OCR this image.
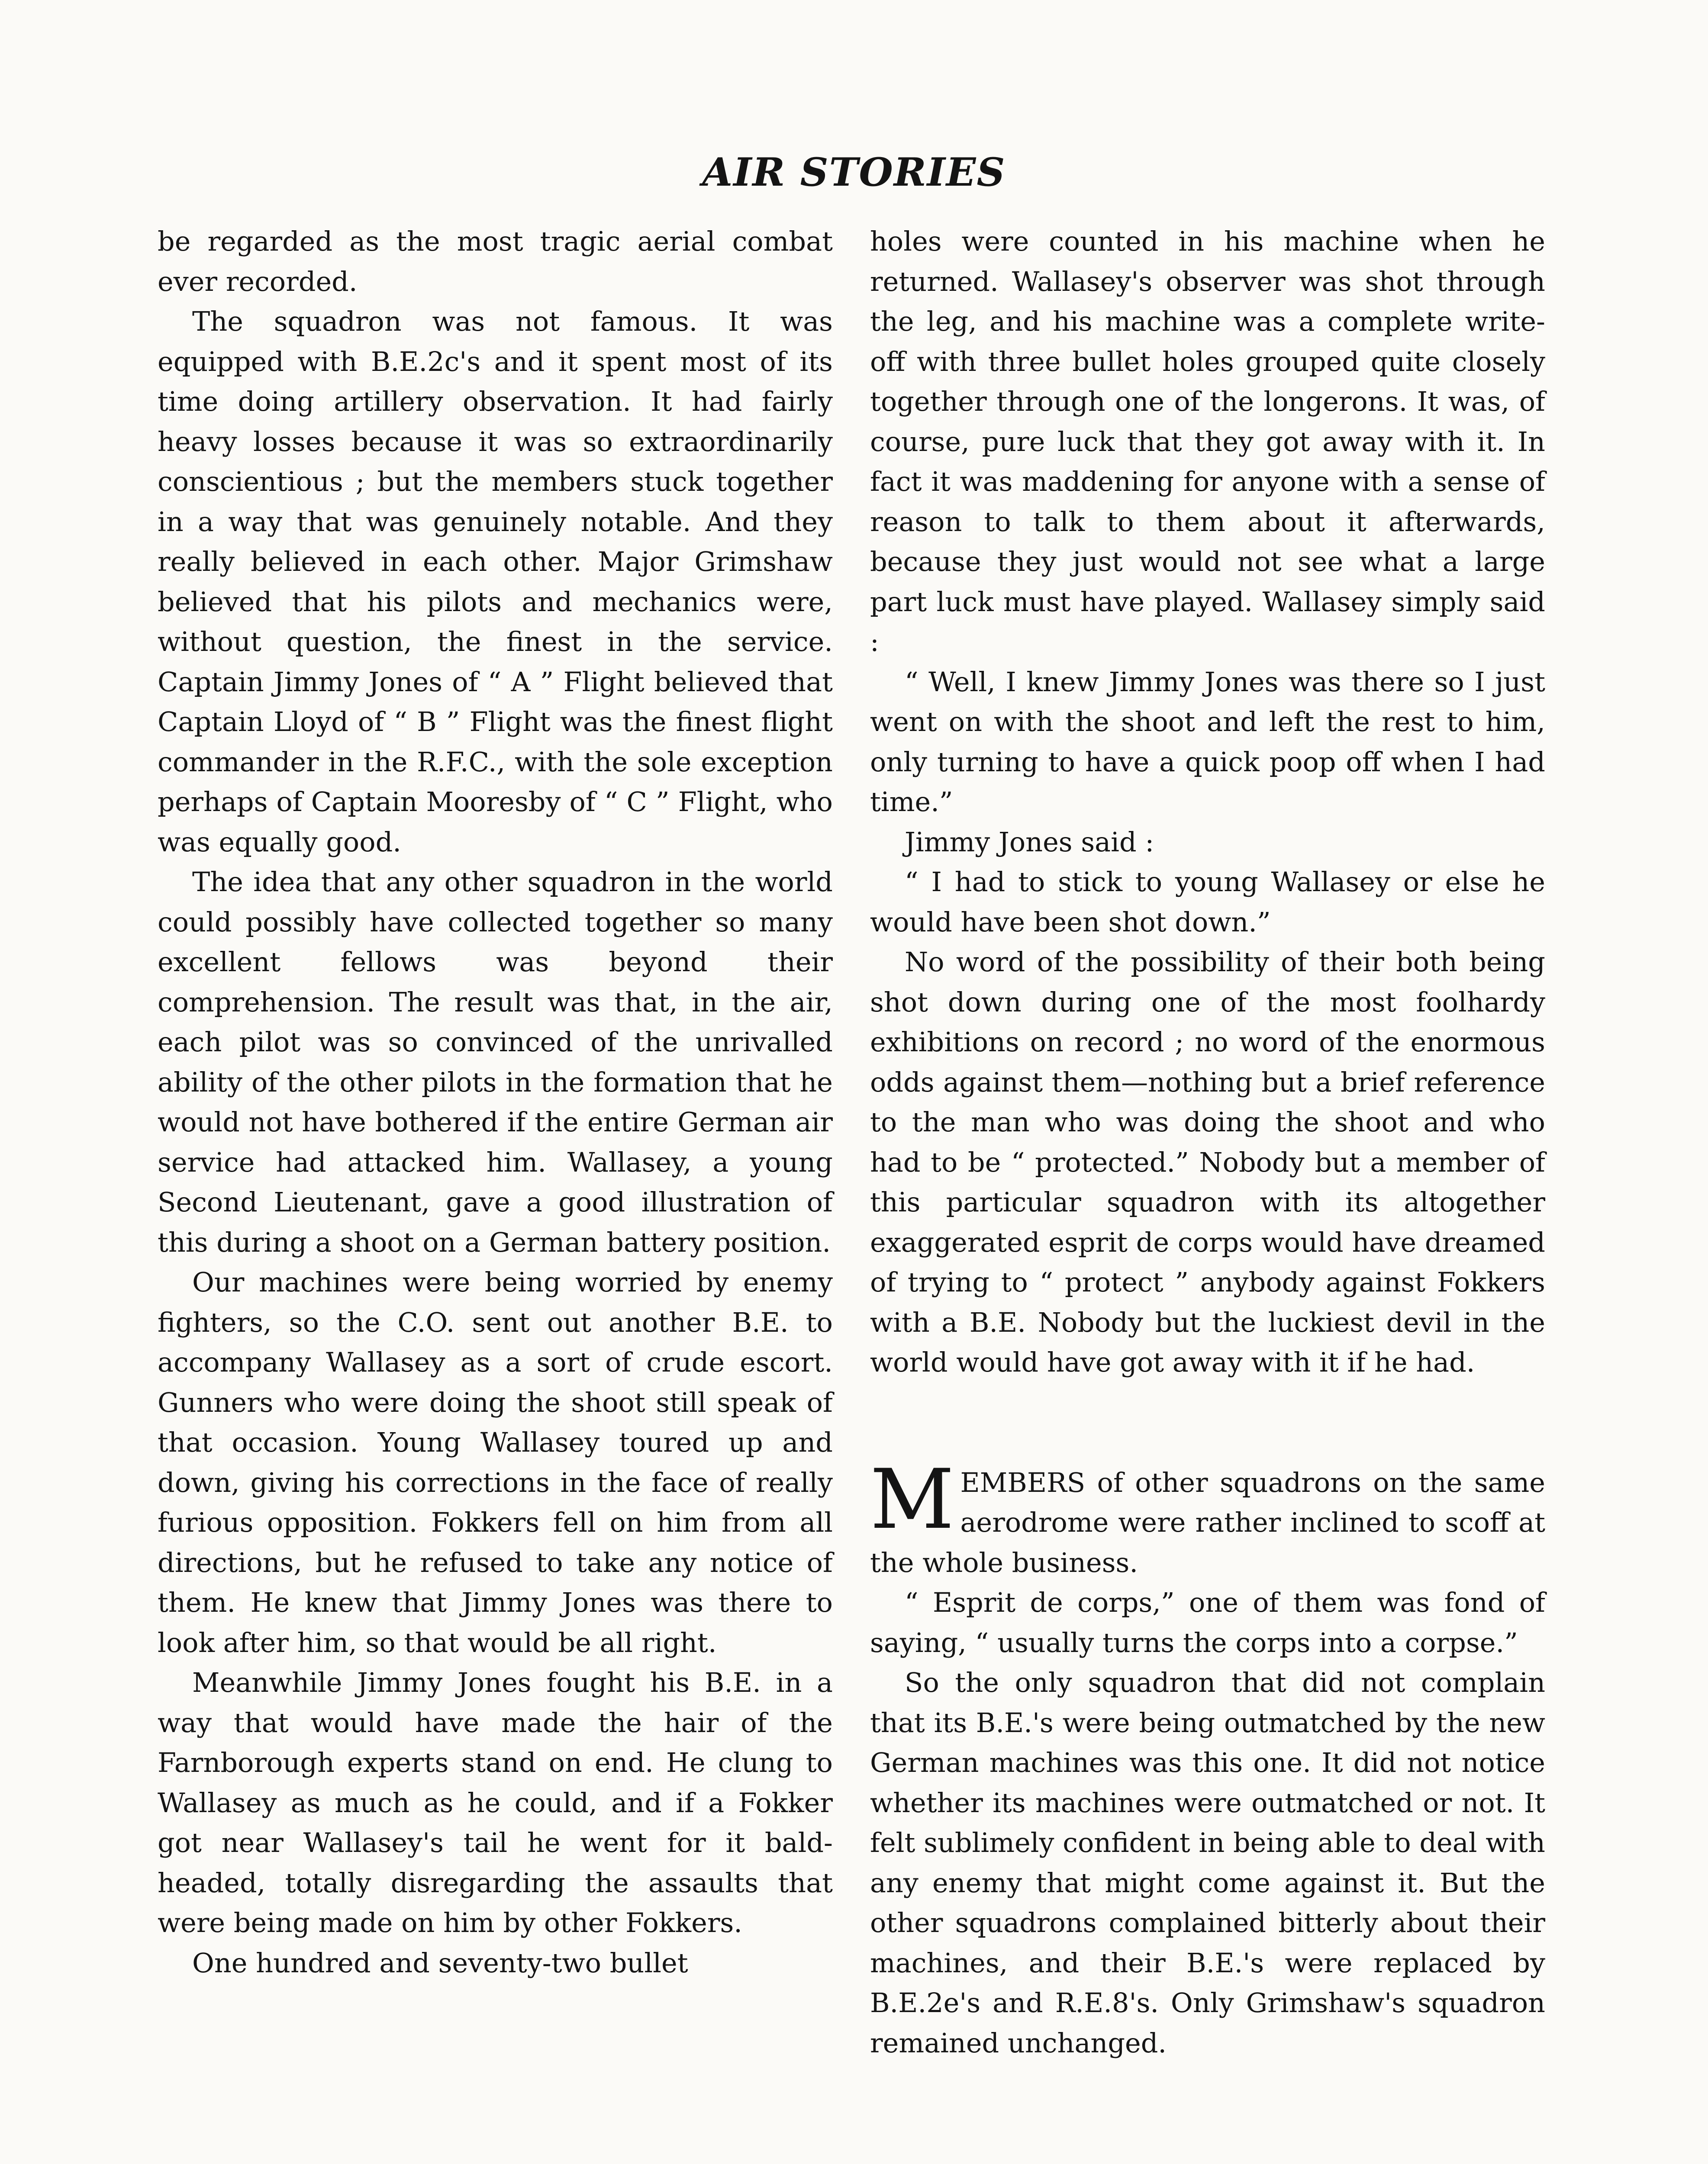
AIR STORIES

be regarded as the most tragic aerial combat ever recorded.

The squadron was not famous. It was equipped with B.E.2c's and it spent most of its time doing artillery observation. It had fairly heavy losses because it was so extraordinarily conscientious ; but the members stuck together in a way that was genuinely notable. And they really believed in each other. Major Grimshaw believed that his pilots and mechanics were, without question, the finest in the service. Captain Jimmy Jones of “ A ” Flight believed that Captain Lloyd of “ B ” Flight was the finest flight commander in the R.F.C., with the sole exception perhaps of Captain Mooresby of “ C ” Flight, who was equally good.

The idea that any other squadron in the world could possibly have collected together so many excellent fellows was beyond their comprehension. The result was that, in the air, each pilot was so convinced of the unrivalled ability of the other pilots in the formation that he would not have bothered if the entire German air service had attacked him. Wallasey, a young Second Lieutenant, gave a good illustration of this during a shoot on a German battery position.

Our machines were being worried by enemy fighters, so the C.O. sent out another B.E. to accompany Wallasey as a sort of crude escort. Gunners who were doing the shoot still speak of that occasion. Young Wallasey toured up and down, giving his corrections in the face of really furious opposition. Fokkers fell on him from all directions, but he refused to take any notice of them. He knew that Jimmy Jones was there to look after him, so that would be all right.

Meanwhile Jimmy Jones fought his B.E. in a way that would have made the hair of the Farnborough experts stand on end. He clung to Wallasey as much as he could, and if a Fokker got near Wallasey's tail he went for it bald-headed, totally disregarding the assaults that were being made on him by other Fokkers.

One hundred and seventy-two bullet

holes were counted in his machine when he returned. Wallasey's observer was shot through the leg, and his machine was a complete write-off with three bullet holes grouped quite closely together through one of the longerons. It was, of course, pure luck that they got away with it. In fact it was maddening for anyone with a sense of reason to talk to them about it afterwards, because they just would not see what a large part luck must have played. Wallasey simply said :

“ Well, I knew Jimmy Jones was there so I just went on with the shoot and left the rest to him, only turning to have a quick poop off when I had time.”

Jimmy Jones said :

“ I had to stick to young Wallasey or else he would have been shot down.”

No word of the possibility of their both being shot down during one of the most foolhardy exhibitions on record ; no word of the enormous odds against them—nothing but a brief reference to the man who was doing the shoot and who had to be “ protected.” Nobody but a member of this particular squadron with its altogether exaggerated esprit de corps would have dreamed of trying to “ protect ” anybody against Fokkers with a B.E. Nobody but the luckiest devil in the world would have got away with it if he had.

MEMBERS of other squadrons on the same aerodrome were rather inclined to scoff at the whole business.

“ Esprit de corps,” one of them was fond of saying, “ usually turns the corps into a corpse.”

So the only squadron that did not complain that its B.E.'s were being outmatched by the new German machines was this one. It did not notice whether its machines were outmatched or not. It felt sublimely confident in being able to deal with any enemy that might come against it. But the other squadrons complained bitterly about their machines, and their B.E.'s were replaced by B.E.2e's and R.E.8's. Only Grimshaw's squadron remained unchanged.
